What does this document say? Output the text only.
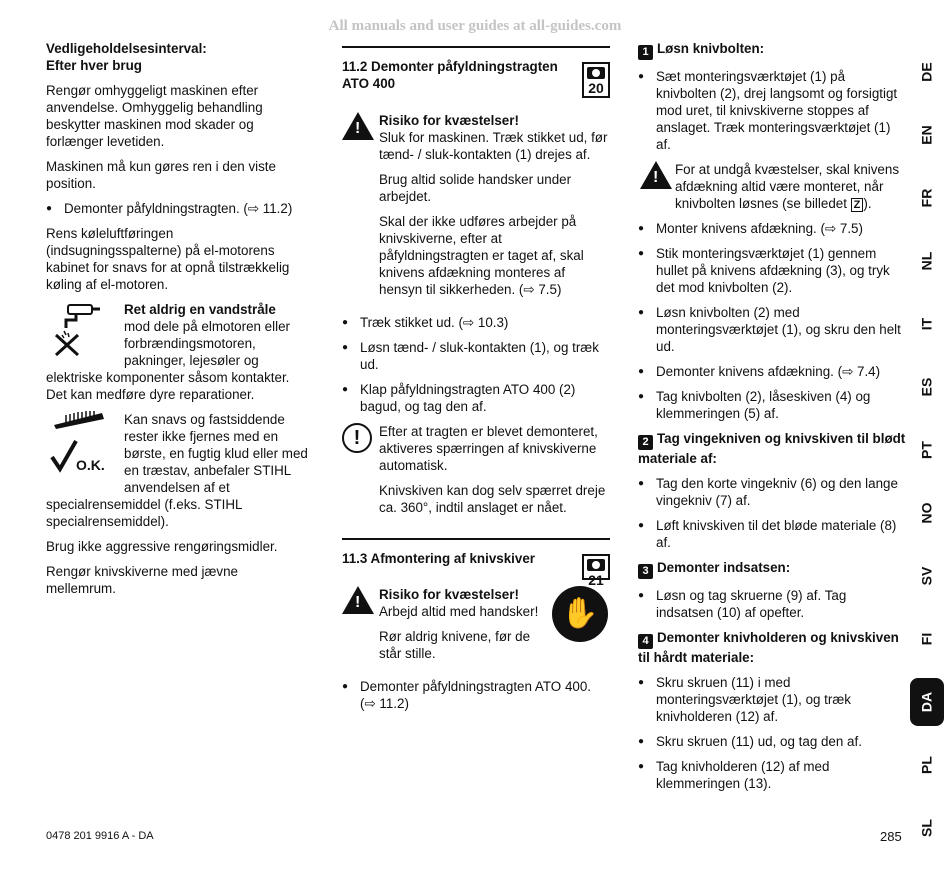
All manuals and user guides at all-guides.com
Vedligeholdelsesinterval:
Efter hver brug

Rengør omhyggeligt maskinen efter anvendelse. Omhyggelig behandling beskytter maskinen mod skader og forlænger levetiden.

Maskinen må kun gøres ren i den viste position.

● Demonter påfyldningstragten. (⇨ 11.2)

Rens køleluftføringen (indsugningsspalterne) på el-motorens kabinet for snavs for at opnå tilstrækkelig køling af el-motoren.

Ret aldrig en vandstråle
mod dele på elmotoren eller forbrændingsmotoren, pakninger, lejesøler og elektriske komponenter såsom kontakter. Det kan medføre dyre reparationer.
O.K.
Kan snavs og fastsiddende rester ikke fjernes med en børste, en fugtig klud eller med en træstav, anbefaler STIHL anvendelsen af et specialrensemiddel (f.eks. STIHL specialrensemiddel).

Brug ikke aggressive rengøringsmidler.

Rengør knivskiverne med jævne mellemrum.

11.2 Demonter påfyldningstragten ATO 400	20
! Risiko for kvæstelser!

Sluk for maskinen. Træk stikket ud, før tænd- / sluk-kontakten (1) drejes af.

Brug altid solide handsker under arbejdet.

Skal der ikke udføres arbejder på knivskiverne, efter at påfyldningstragten er taget af, skal knivens afdækning monteres af hensyn til sikkerheden. (⇨ 7.5)

● Træk stikket ud. (⇨ 10.3)
● Løsn tænd- / sluk-kontakten (1), og træk ud.
● Klap påfyldningstragten ATO 400 (2) bagud, og tag den af.
!	Efter at tragten er blevet demonteret, aktiveres spærringen af knivskiverne automatisk.

Knivskiven kan dog selv spærret dreje ca. 360°, indtil anslaget er nået.

11.3 Afmontering af knivskiver
21
! Risiko for kvæstelser!

Arbejd altid med handsker!

Rør aldrig knivene, før de står stille.

✋
● Demonter påfyldningstragten ATO 400. (⇨ 11.2)
1 Løsn knivbolten:
● Sæt monteringsværktøjet (1) på knivbolten (2), drej langsomt og forsigtigt mod uret, til knivskiverne stoppes af anslaget. Træk monteringsværktøjet (1) af.
! For at undgå kvæstelser, skal knivens afdækning altid være monteret, når knivbolten løsnes (se billedet Z ).
● Monter knivens afdækning. (⇨ 7.5)
● Stik monteringsværktøjet (1) gennem hullet på knivens afdækning (3), og tryk det mod knivbolten (2).
● Løsn knivbolten (2) med monteringsværktøjet (1), og skru den helt ud.
● Demonter knivens afdækning. (⇨ 7.4)
● Tag knivbolten (2), låseskiven (4) og klemmeringen (5) af.
2 Tag vingekniven og knivskiven til blødt materiale af:
● Tag den korte vingekniv (6) og den lange vingekniv (7) af.
● Løft knivskiven til det bløde materiale (8) af.
3 Demonter indsatsen:
● Løsn og tag skruerne (9) af. Tag indsatsen (10) af opefter.
4 Demonter knivholderen og knivskiven til hårdt materiale:
● Skru skruen (11) i med monteringsværktøjet (1), og træk knivholderen (12) af.
● Skru skruen (11) ud, og tag den af.
● Tag knivholderen (12) af med klemmeringen (13).
DE
EN
FR
NL
IT
ES
PT
NO
SV
FI
DA
PL
SL
0478 201 9916 A - DA	285
